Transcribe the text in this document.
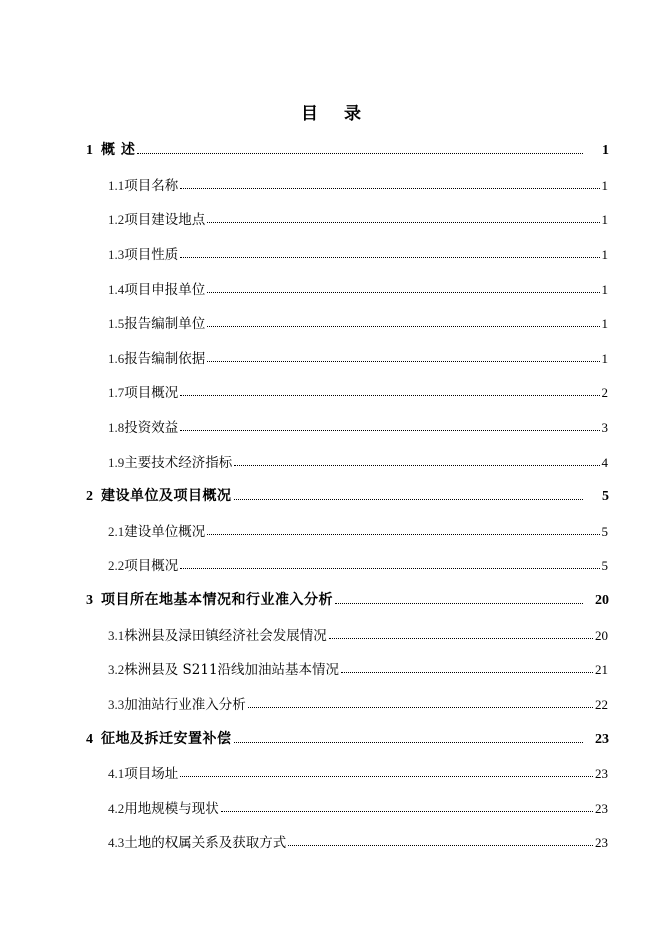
目录
1 概 述	1
1.1 项目名称	1
1.2 项目建设地点	1
1.3 项目性质	1
1.4 项目申报单位	1
1.5 报告编制单位	1
1.6 报告编制依据	1
1.7 项目概况	2
1.8 投资效益	3
1.9 主要技术经济指标	4
2 建设单位及项目概况	5
2.1 建设单位概况	5
2.2 项目概况	5
3 项目所在地基本情况和行业准入分析	20
3.1 株洲县及渌田镇经济社会发展情况	20
3.2 株洲县及 S211沿线加油站基本情况	21
3.3 加油站行业准入分析	22
4 征地及拆迁安置补偿	23
4.1 项目场址	23
4.2 用地规模与现状	23
4.3 土地的权属关系及获取方式	23
